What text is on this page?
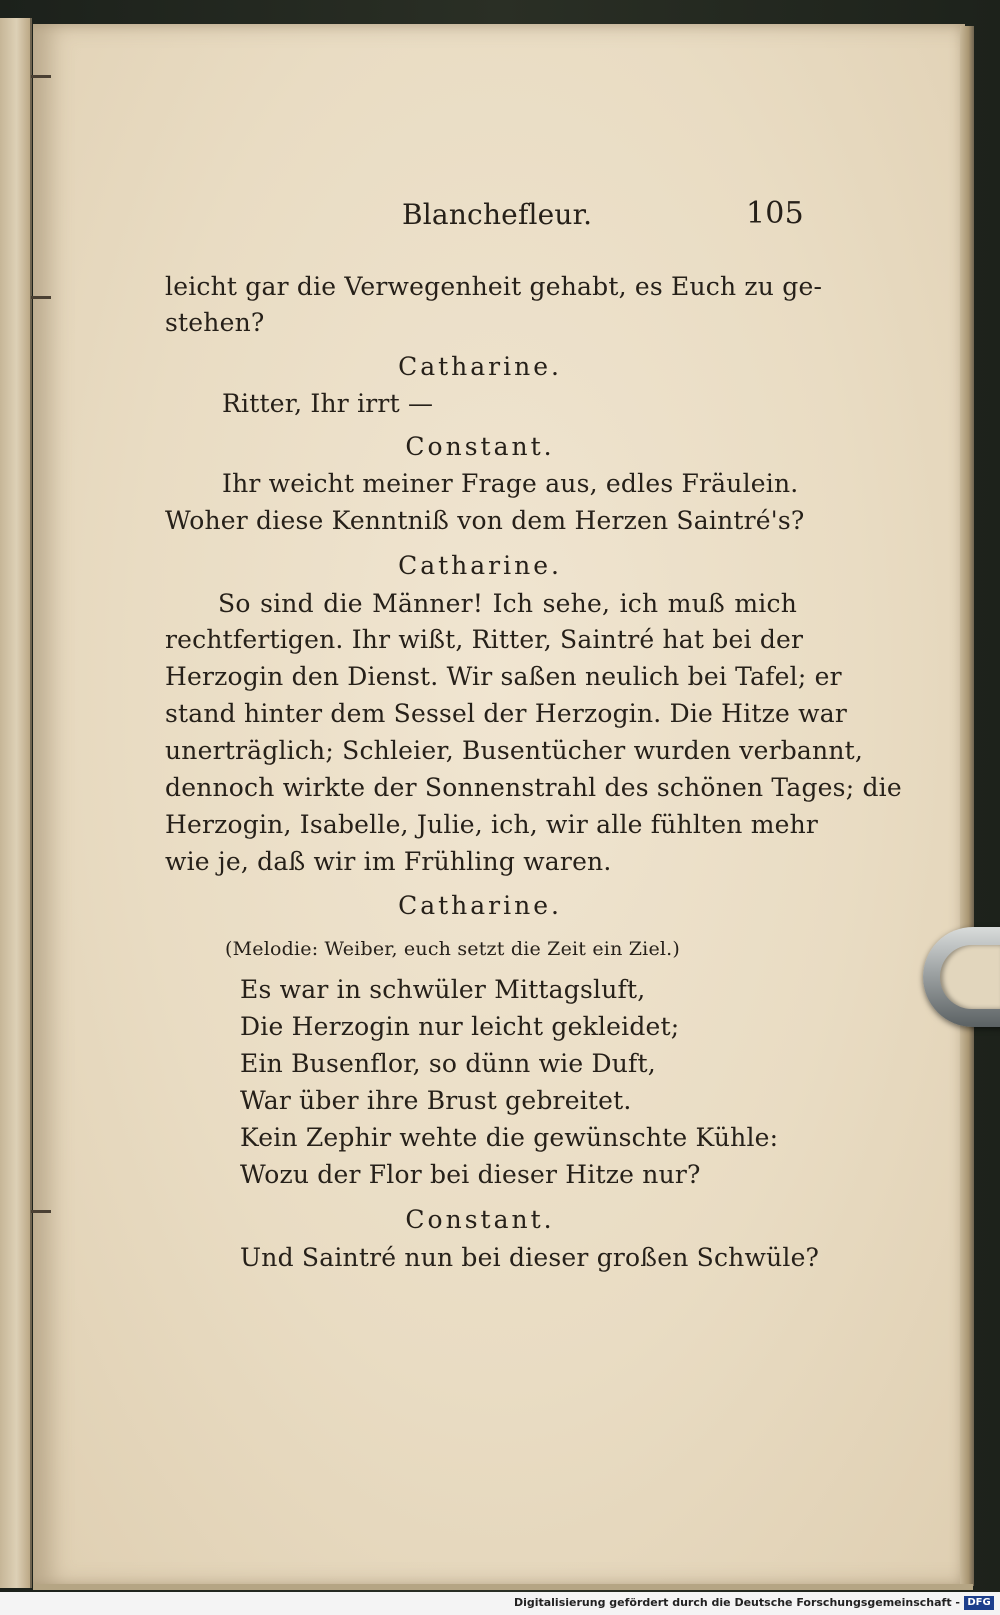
Blanchefleur.	105
leicht gar die Verwegenheit gehabt, es Euch zu ge-
stehen?
Catharine.
Ritter, Ihr irrt —
Constant.
Ihr weicht meiner Frage aus, edles Fräulein.
Woher diese Kenntniß von dem Herzen Saintré's?
Catharine.
So sind die Männer! Ich sehe, ich muß mich
rechtfertigen. Ihr wißt, Ritter, Saintré hat bei der
Herzogin den Dienst. Wir saßen neulich bei Tafel; er
stand hinter dem Sessel der Herzogin. Die Hitze war
unerträglich; Schleier, Busentücher wurden verbannt,
dennoch wirkte der Sonnenstrahl des schönen Tages; die
Herzogin, Isabelle, Julie, ich, wir alle fühlten mehr
wie je, daß wir im Frühling waren.
Catharine.
(Melodie: Weiber, euch setzt die Zeit ein Ziel.)
Es war in schwüler Mittagsluft,
Die Herzogin nur leicht gekleidet;
Ein Busenflor, so dünn wie Duft,
War über ihre Brust gebreitet.
Kein Zephir wehte die gewünschte Kühle:
Wozu der Flor bei dieser Hitze nur?
Constant.
Und Saintré nun bei dieser großen Schwüle?
Digitalisierung gefördert durch die Deutsche Forschungsgemeinschaft - DFG
